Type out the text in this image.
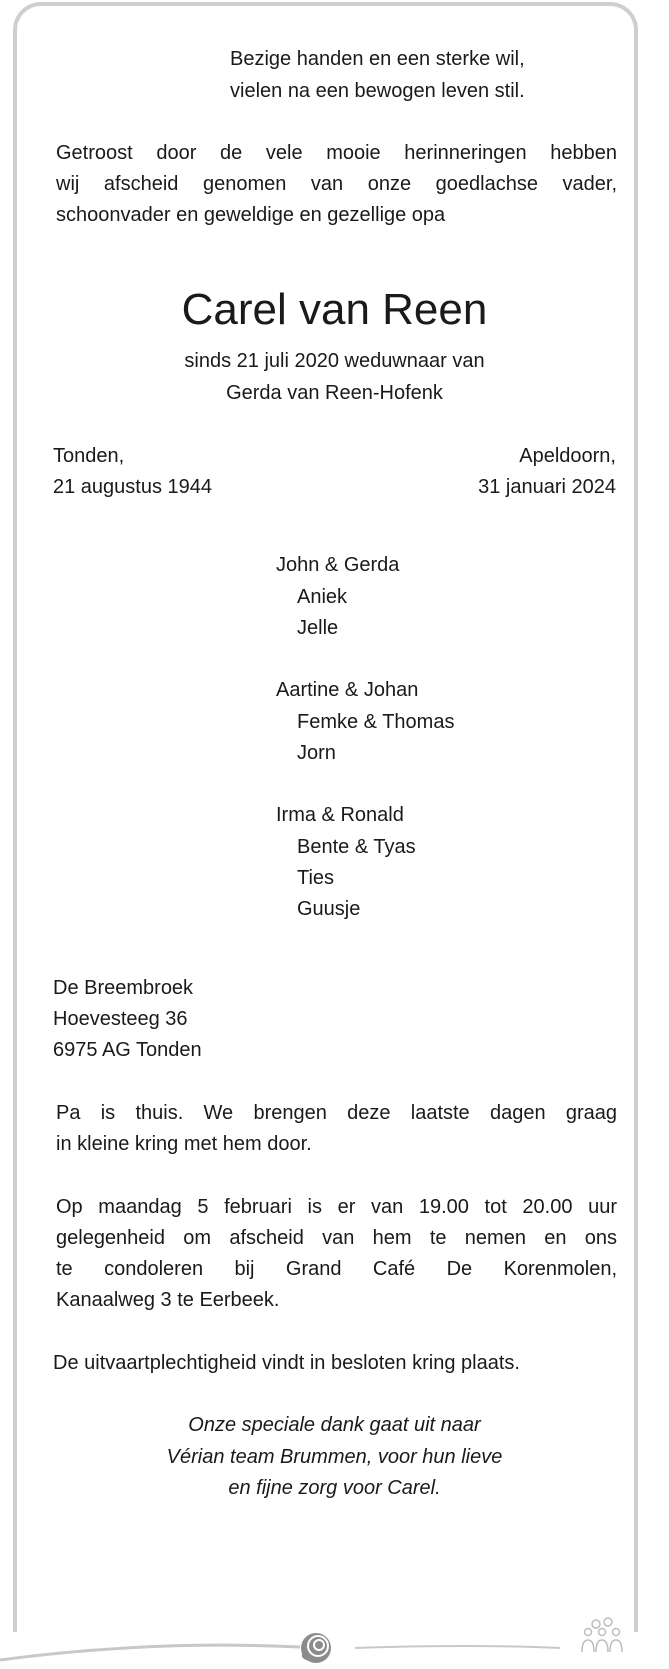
Bezige handen en een sterke wil,
vielen na een bewogen leven stil.
Getroost door de vele mooie herinneringen hebben
wij afscheid genomen van onze goedlachse vader,
schoonvader en geweldige en gezellige opa
Carel van Reen
sinds 21 juli 2020 weduwnaar van
Gerda van Reen-Hofenk
Tonden,
21 augustus 1944
Apeldoorn,
31 januari 2024
John & Gerda
Aniek
Jelle
Aartine & Johan
Femke & Thomas
Jorn
Irma & Ronald
Bente & Tyas
Ties
Guusje
De Breembroek
Hoevesteeg 36
6975 AG Tonden
Pa is thuis. We brengen deze laatste dagen graag
in kleine kring met hem door.
Op maandag 5 februari is er van 19.00 tot 20.00 uur
gelegenheid om afscheid van hem te nemen en ons
te condoleren bij Grand Café De Korenmolen,
Kanaalweg 3 te Eerbeek.
De uitvaartplechtigheid vindt in besloten kring plaats.
Onze speciale dank gaat uit naar
Vérian team Brummen, voor hun lieve
en fijne zorg voor Carel.
